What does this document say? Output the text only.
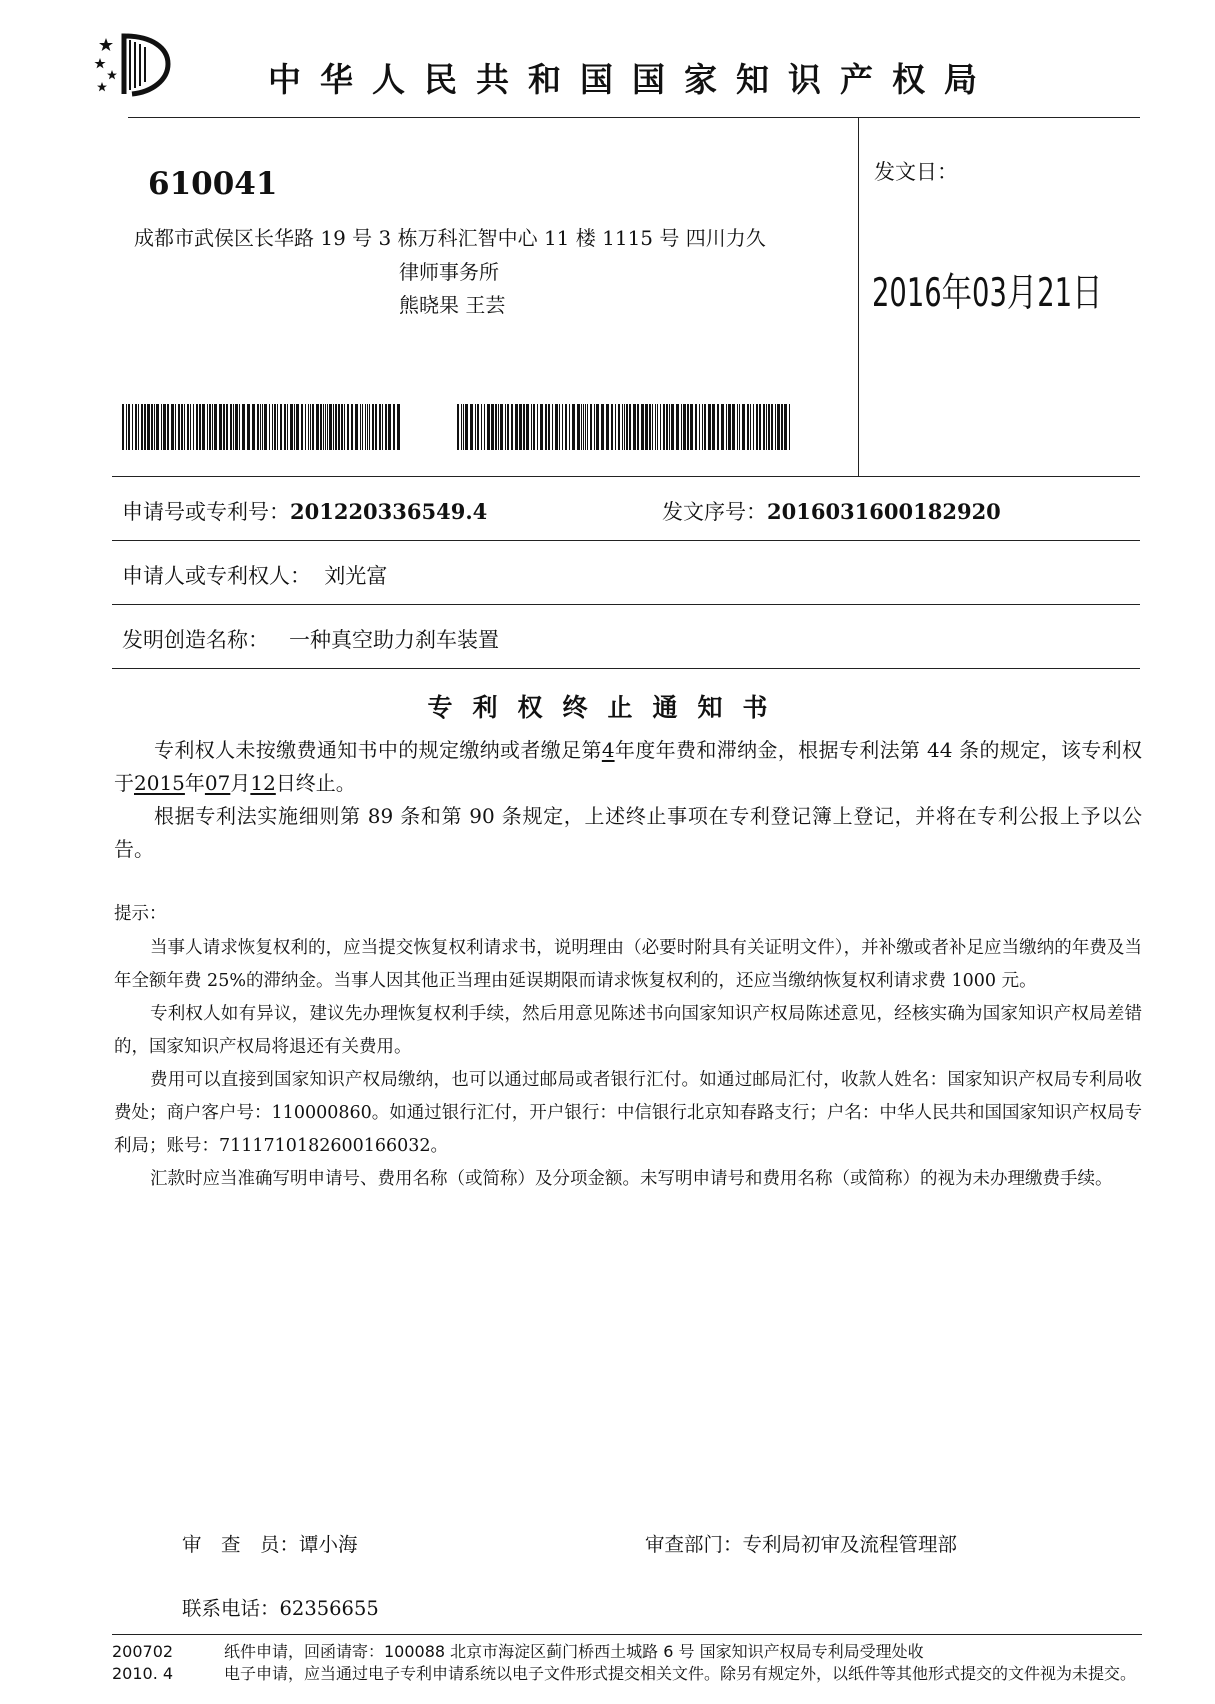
中华人民共和国国家知识产权局
610041
成都市武侯区长华路 19 号 3 栋万科汇智中心 11 楼 1115 号 四川力久
律师事务所
熊晓果 王芸
发文日：
2016年03月21日
申请号或专利号：201220336549.4	发文序号：2016031600182920
申请人或专利权人： 刘光富
发明创造名称： 一种真空助力刹车装置
专利权终止通知书

专利权人未按缴费通知书中的规定缴纳或者缴足第4年度年费和滞纳金，根据专利法第 44 条的规定，该专利权于2015年07月12日终止。

根据专利法实施细则第 89 条和第 90 条规定，上述终止事项在专利登记簿上登记，并将在专利公报上予以公告。

提示：

当事人请求恢复权利的，应当提交恢复权利请求书，说明理由（必要时附具有关证明文件），并补缴或者补足应当缴纳的年费及当年全额年费 25%的滞纳金。当事人因其他正当理由延误期限而请求恢复权利的，还应当缴纳恢复权利请求费 1000 元。

专利权人如有异议，建议先办理恢复权利手续，然后用意见陈述书向国家知识产权局陈述意见，经核实确为国家知识产权局差错的，国家知识产权局将退还有关费用。

费用可以直接到国家知识产权局缴纳，也可以通过邮局或者银行汇付。如通过邮局汇付，收款人姓名：国家知识产权局专利局收费处；商户客户号：110000860。如通过银行汇付，开户银行：中信银行北京知春路支行；户名：中华人民共和国国家知识产权局专利局；账号：7111710182600166032。

汇款时应当准确写明申请号、费用名称（或简称）及分项金额。未写明申请号和费用名称（或简称）的视为未办理缴费手续。

审　查　员：谭小海	审查部门：专利局初审及流程管理部
联系电话：62356655
200702
2010. 4
纸件申请，回函请寄：100088 北京市海淀区蓟门桥西土城路 6 号 国家知识产权局专利局受理处收
电子申请，应当通过电子专利申请系统以电子文件形式提交相关文件。除另有规定外，以纸件等其他形式提交的文件视为未提交。
